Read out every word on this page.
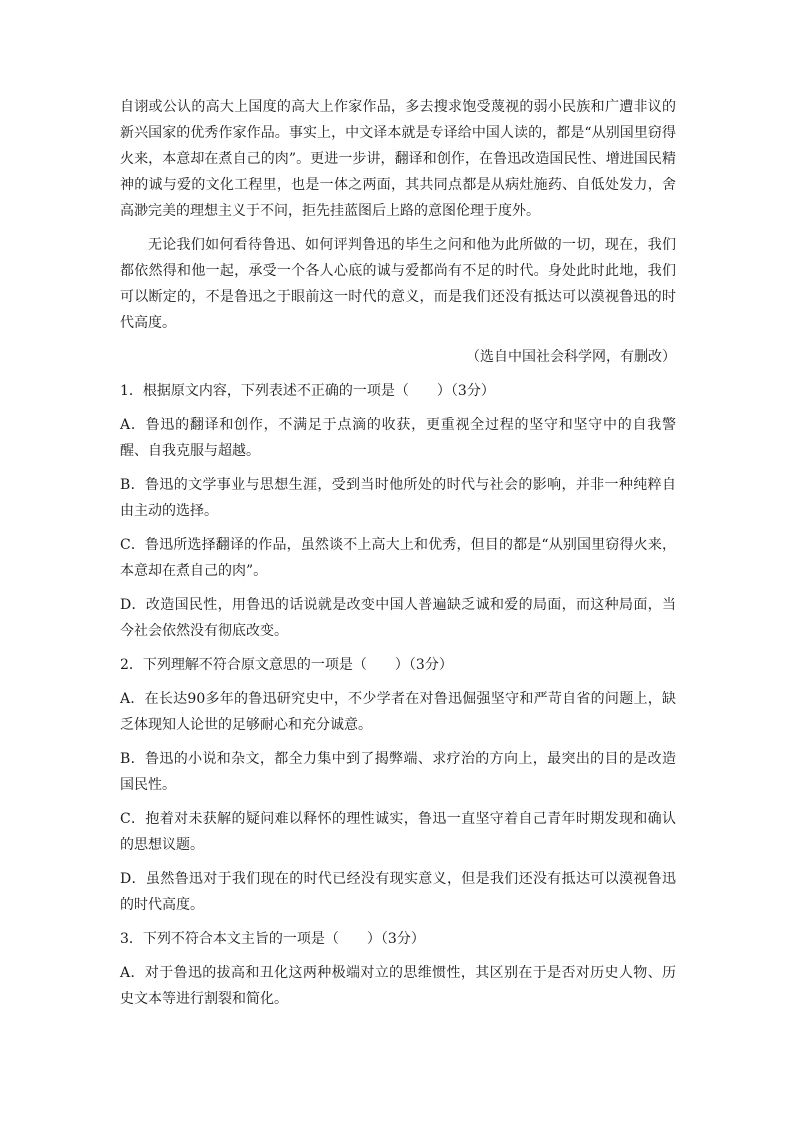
自诩或公认的高大上国度的高大上作家作品，多去搜求饱受蔑视的弱小民族和广遭非议的新兴国家的优秀作家作品。事实上，中文译本就是专译给中国人读的，都是“从别国里窃得火来，本意却在煮自己的肉”。更进一步讲，翻译和创作，在鲁迅改造国民性、增进国民精神的诚与爱的文化工程里，也是一体之两面，其共同点都是从病灶施药、自低处发力，舍高渺完美的理想主义于不问，拒先挂蓝图后上路的意图伦理于度外。

无论我们如何看待鲁迅、如何评判鲁迅的毕生之问和他为此所做的一切，现在，我们都依然得和他一起，承受一个各人心底的诚与爱都尚有不足的时代。身处此时此地，我们可以断定的，不是鲁迅之于眼前这一时代的意义，而是我们还没有抵达可以漠视鲁迅的时代高度。

（选自中国社会科学网，有删改）

1．根据原文内容，下列表述不正确的一项是（　　）（3分）

A．鲁迅的翻译和创作，不满足于点滴的收获，更重视全过程的坚守和坚守中的自我警醒、自我克服与超越。

B．鲁迅的文学事业与思想生涯，受到当时他所处的时代与社会的影响，并非一种纯粹自由主动的选择。

C．鲁迅所选择翻译的作品，虽然谈不上高大上和优秀，但目的都是“从别国里窃得火来，本意却在煮自己的肉”。

D．改造国民性，用鲁迅的话说就是改变中国人普遍缺乏诚和爱的局面，而这种局面，当今社会依然没有彻底改变。

2．下列理解不符合原文意思的一项是（　　）（3分）

A．在长达90多年的鲁迅研究史中，不少学者在对鲁迅倔强坚守和严苛自省的问题上，缺乏体现知人论世的足够耐心和充分诚意。

B．鲁迅的小说和杂文，都全力集中到了揭弊端、求疗治的方向上，最突出的目的是改造国民性。

C．抱着对未获解的疑问难以释怀的理性诚实，鲁迅一直坚守着自己青年时期发现和确认的思想议题。

D．虽然鲁迅对于我们现在的时代已经没有现实意义，但是我们还没有抵达可以漠视鲁迅的时代高度。

3．下列不符合本文主旨的一项是（　　）（3分）

A．对于鲁迅的拔高和丑化这两种极端对立的思维惯性，其区别在于是否对历史人物、历史文本等进行割裂和简化。
